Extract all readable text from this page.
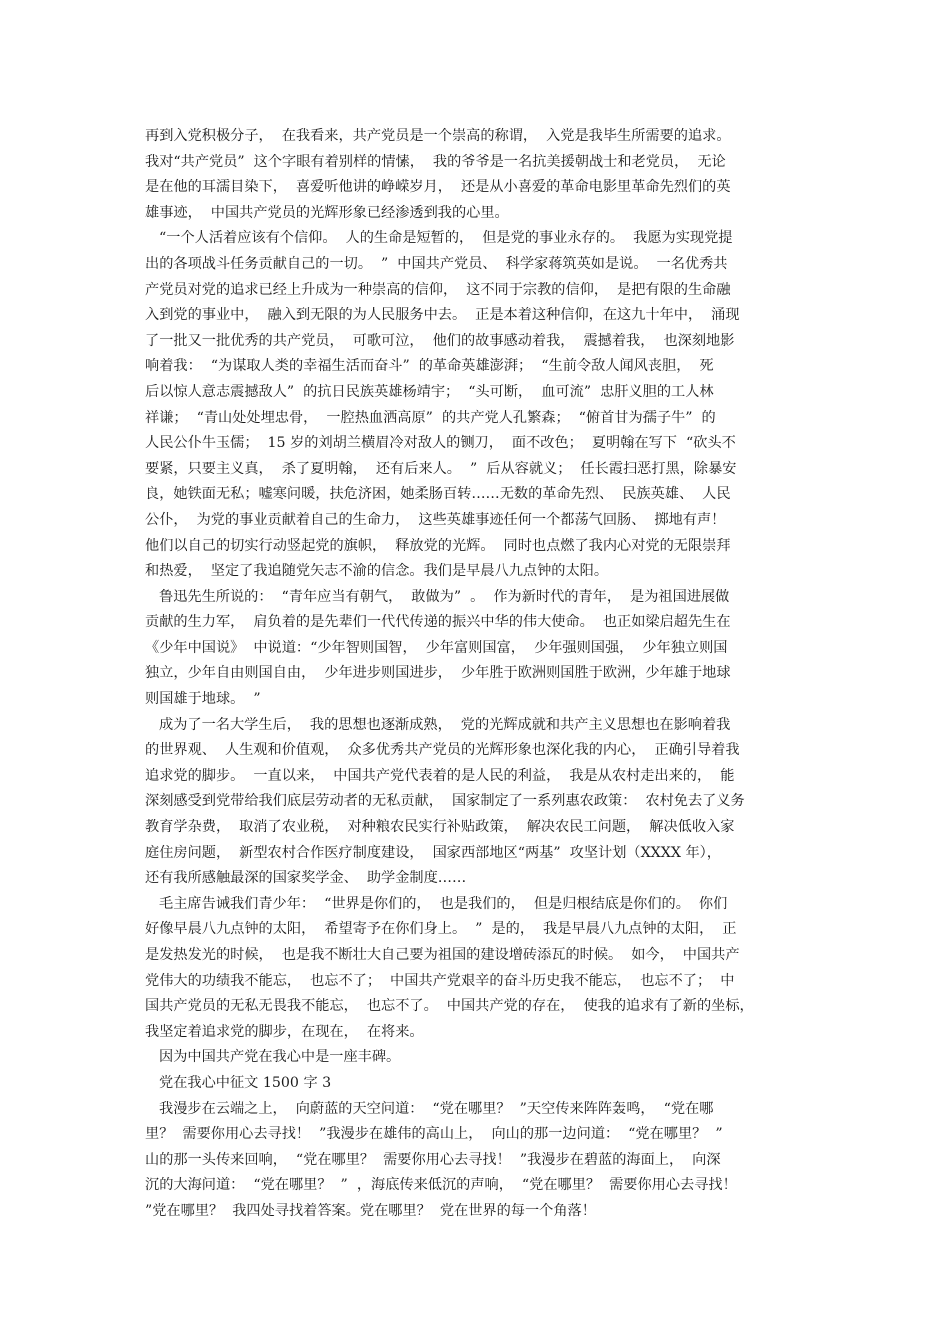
再到入党积极分子，  在我看来，共产党员是一个崇高的称谓，  入党是我毕生所需要的追求。
我对“共产党员”  这个字眼有着别样的情愫，  我的爷爷是一名抗美援朝战士和老党员，  无论
是在他的耳濡目染下，  喜爱听他讲的峥嵘岁月，  还是从小喜爱的革命电影里革命先烈们的英
雄事迹，  中国共产党员的光辉形象已经渗透到我的心里。
“一个人活着应该有个信仰。  人的生命是短暂的，  但是党的事业永存的。  我愿为实现党提
出的各项战斗任务贡献自己的一切。  ”  中国共产党员、  科学家蒋筑英如是说。  一名优秀共
产党员对党的追求已经上升成为一种崇高的信仰，  这不同于宗教的信仰，  是把有限的生命融
入到党的事业中，  融入到无限的为人民服务中去。  正是本着这种信仰，在这九十年中，  涌现
了一批又一批优秀的共产党员，  可歌可泣，  他们的故事感动着我，  震撼着我，  也深刻地影
响着我：  “为谋取人类的幸福生活而奋斗”  的革命英雄澎湃；  “生前令敌人闻风丧胆，  死
后以惊人意志震撼敌人”  的抗日民族英雄杨靖宇；  “头可断，  血可流”  忠肝义胆的工人林
祥谦；  “青山处处埋忠骨，  一腔热血洒高原”  的共产党人孔繁森；  “俯首甘为孺子牛”  的
人民公仆牛玉儒；  15 岁的刘胡兰横眉冷对敌人的铡刀，  面不改色；  夏明翰在写下  “砍头不
要紧，只要主义真，  杀了夏明翰，  还有后来人。  ”  后从容就义；  任长霞扫恶打黑，除暴安
良，她铁面无私；嘘寒问暖，扶危济困，她柔肠百转……无数的革命先烈、  民族英雄、  人民
公仆，  为党的事业贡献着自己的生命力，  这些英雄事迹任何一个都荡气回肠、  掷地有声！
他们以自己的切实行动竖起党的旗帜，  释放党的光辉。  同时也点燃了我内心对党的无限崇拜
和热爱，  坚定了我追随党矢志不渝的信念。我们是早晨八九点钟的太阳。
鲁迅先生所说的：  “青年应当有朝气，  敢做为”  。  作为新时代的青年，  是为祖国进展做
贡献的生力军，  肩负着的是先辈们一代代传递的振兴中华的伟大使命。  也正如梁启超先生在
《少年中国说》  中说道：“少年智则国智，  少年富则国富，  少年强则国强，  少年独立则国
独立，少年自由则国自由，  少年进步则国进步，  少年胜于欧洲则国胜于欧洲，少年雄于地球
则国雄于地球。  ”
成为了一名大学生后，  我的思想也逐渐成熟，  党的光辉成就和共产主义思想也在影响着我
的世界观、  人生观和价值观，  众多优秀共产党员的光辉形象也深化我的内心，  正确引导着我
追求党的脚步。  一直以来，  中国共产党代表着的是人民的利益，  我是从农村走出来的，  能
深刻感受到党带给我们底层劳动者的无私贡献，  国家制定了一系列惠农政策：  农村免去了义务
教育学杂费，  取消了农业税，  对种粮农民实行补贴政策，  解决农民工问题，  解决低收入家
庭住房问题，  新型农村合作医疗制度建设，  国家西部地区“两基”  攻坚计划（XXXX 年），
还有我所感触最深的国家奖学金、  助学金制度……
毛主席告诫我们青少年：  “世界是你们的，  也是我们的，  但是归根结底是你们的。  你们
好像早晨八九点钟的太阳，  希望寄予在你们身上。  ”  是的，  我是早晨八九点钟的太阳，  正
是发热发光的时候，  也是我不断壮大自己要为祖国的建设增砖添瓦的时候。  如今，  中国共产
党伟大的功绩我不能忘，  也忘不了；  中国共产党艰辛的奋斗历史我不能忘，  也忘不了；  中
国共产党员的无私无畏我不能忘，  也忘不了。  中国共产党的存在，  使我的追求有了新的坐标，
我坚定着追求党的脚步，在现在，  在将来。
因为中国共产党在我心中是一座丰碑。
党在我心中征文 1500 字 3
我漫步在云端之上，  向蔚蓝的天空问道：  “党在哪里？  ”天空传来阵阵轰鸣，  “党在哪
里？  需要你用心去寻找！  ”我漫步在雄伟的高山上，  向山的那一边问道：  “党在哪里？  ”
山的那一头传来回响，  “党在哪里？  需要你用心去寻找！  ”我漫步在碧蓝的海面上，  向深
沉的大海问道：  “党在哪里？  ”  ，海底传来低沉的声响，  “党在哪里？  需要你用心去寻找！
”党在哪里？  我四处寻找着答案。党在哪里？  党在世界的每一个角落！
